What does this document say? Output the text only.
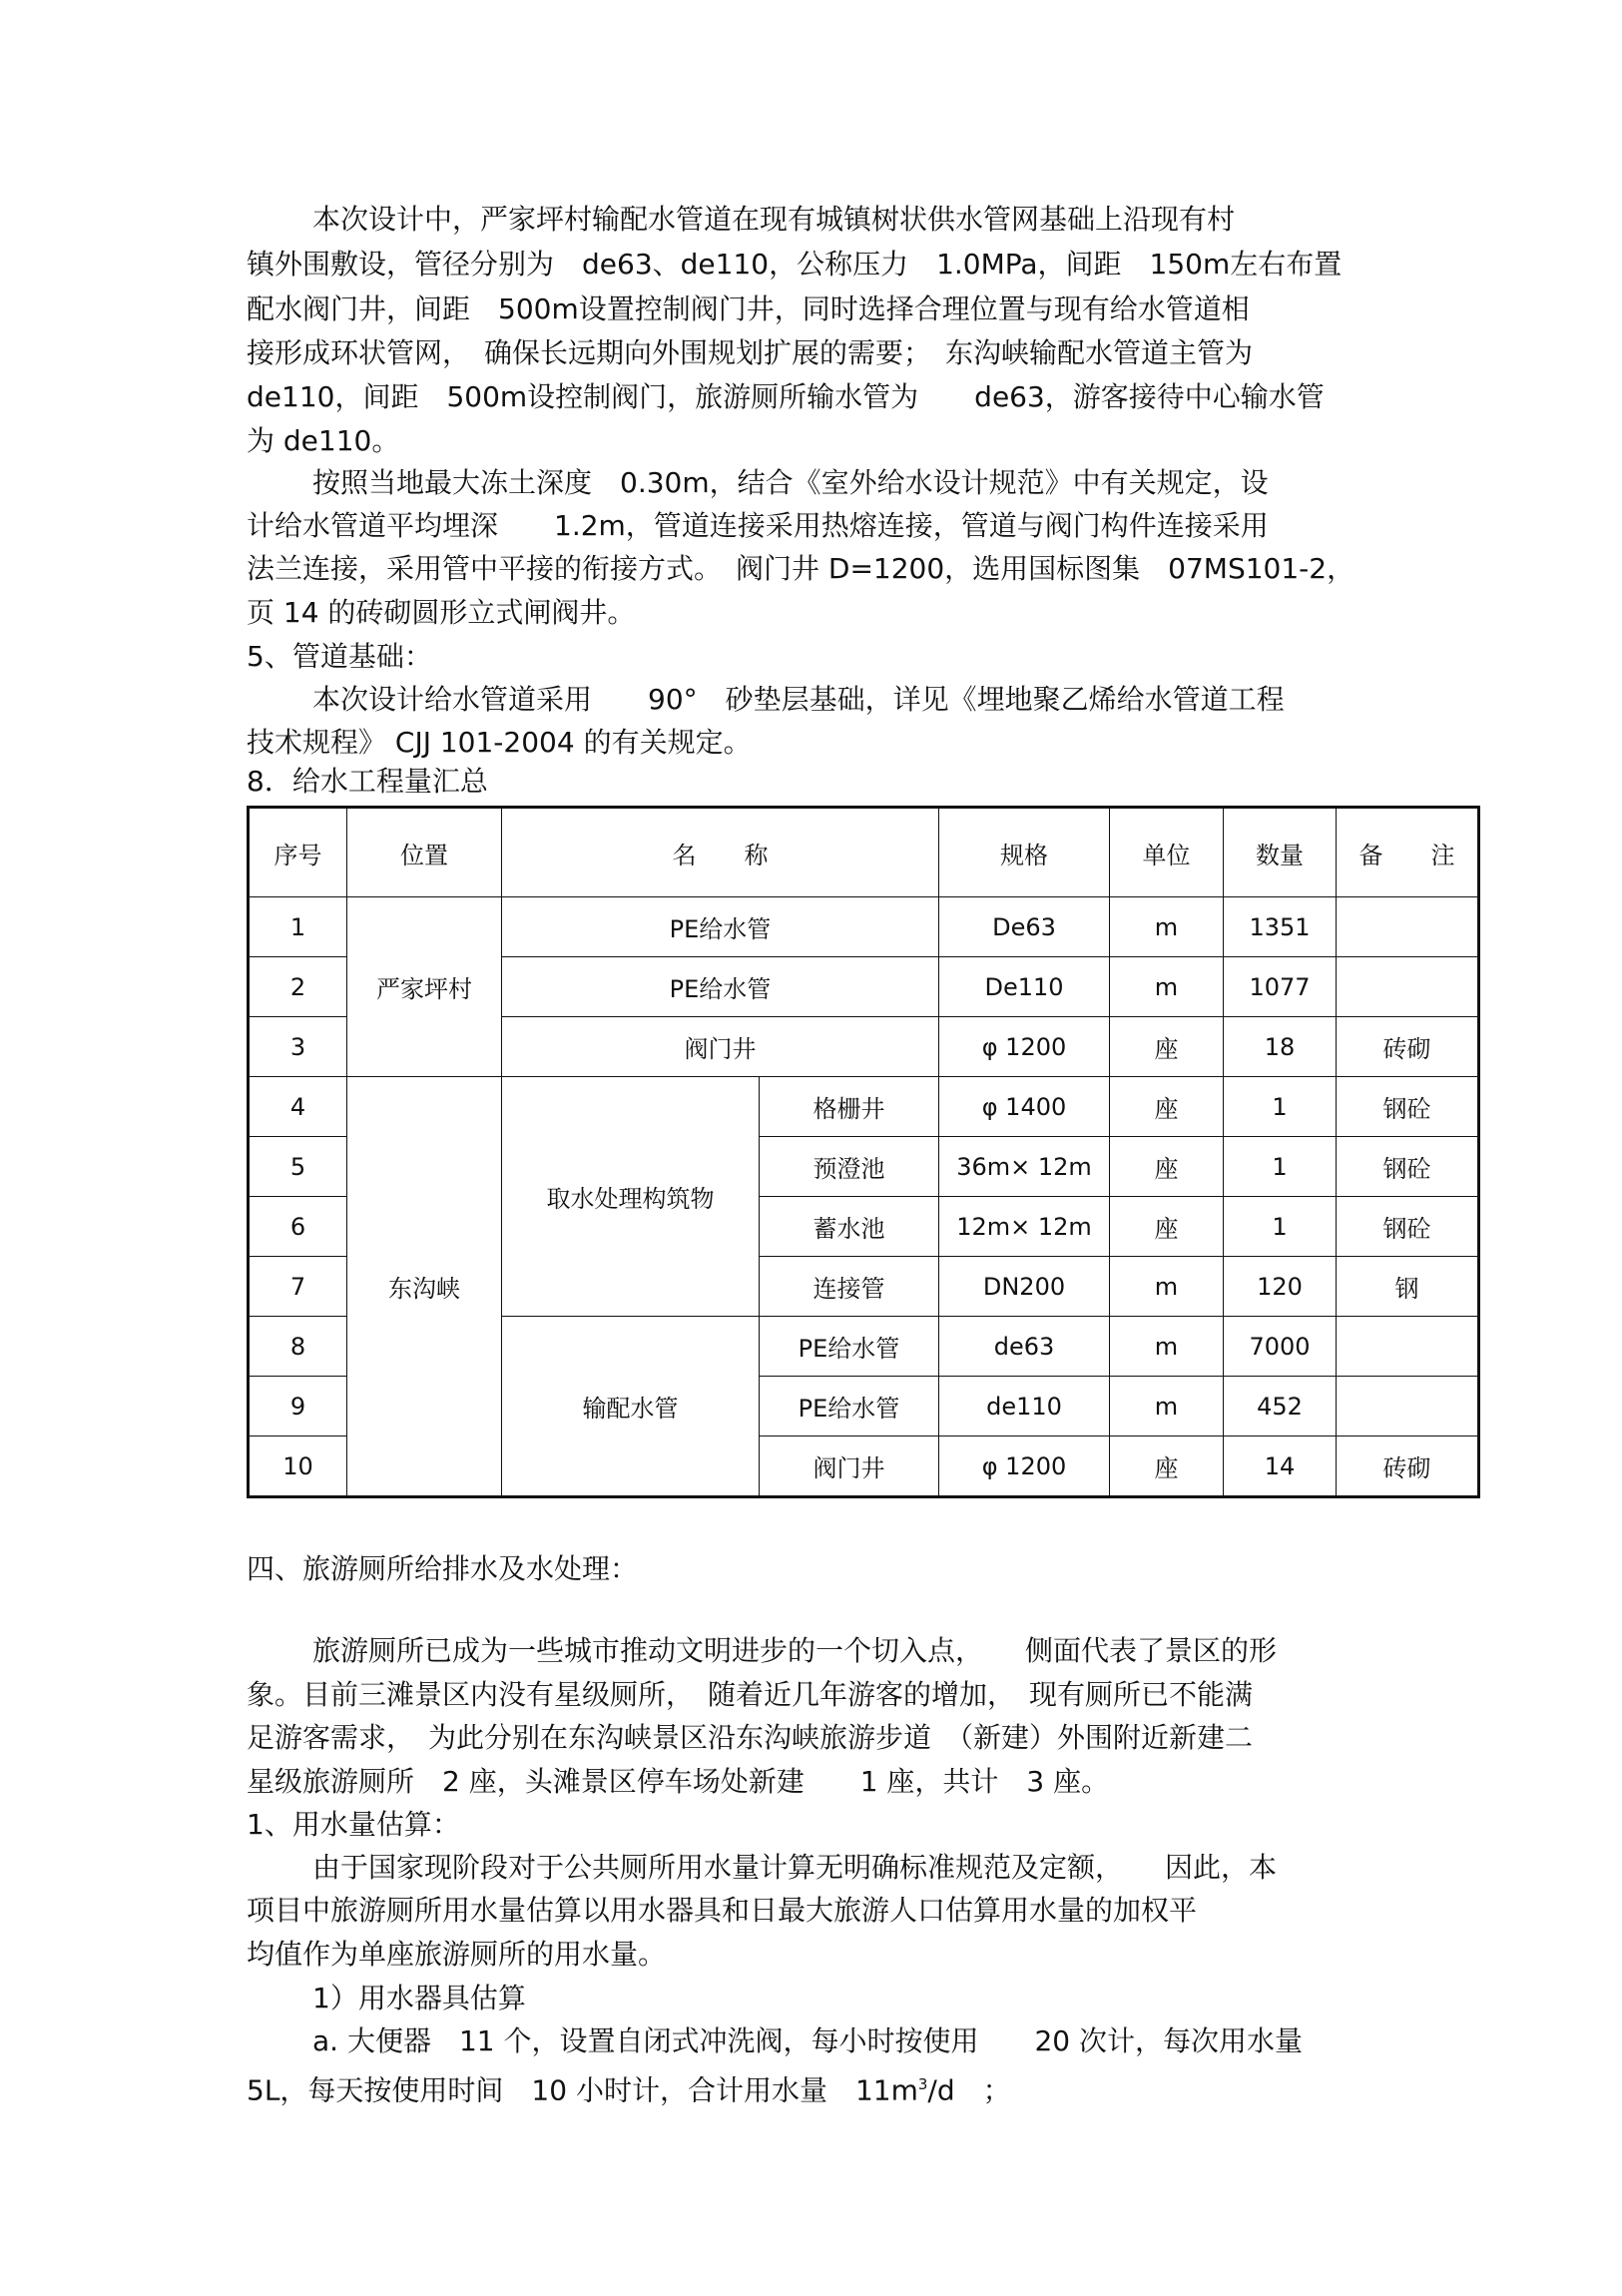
本次设计中，严家坪村输配水管道在现有城镇树状供水管网基础上沿现有村
镇外围敷设，管径分别为　de63、de110，公称压力　1.0MPa，间距　150m左右布置
配水阀门井，间距　500m设置控制阀门井，同时选择合理位置与现有给水管道相
接形成环状管网，　确保长远期向外围规划扩展的需要；　东沟峡输配水管道主管为
de110，间距　500m设控制阀门，旅游厕所输水管为　　de63，游客接待中心输水管
为 de110。
按照当地最大冻土深度　0.30m，结合《室外给水设计规范》中有关规定，设
计给水管道平均埋深　　1.2m，管道连接采用热熔连接，管道与阀门构件连接采用
法兰连接，采用管中平接的衔接方式。　阀门井 D=1200，选用国标图集　07MS101-2，
页 14 的砖砌圆形立式闸阀井。
5、管道基础：
本次设计给水管道采用　　90°　砂垫层基础，详见《埋地聚乙烯给水管道工程
技术规程》 CJJ 101-2004 的有关规定。
8．给水工程量汇总
序号	位置	名　　称		规格	单位	数量	备　　注
1	严家坪村	PE给水管		De63	m	1351	
2		PE给水管		De110	m	1077	
3		阀门井		φ 1200	座	18	砖砌
4	东沟峡	取水处理构筑物	格栅井	φ 1400	座	1	钢砼
5			预澄池	36m× 12m	座	1	钢砼
6			蓄水池	12m× 12m	座	1	钢砼
7			连接管	DN200	m	120	钢
8		输配水管	PE给水管	de63	m	7000	
9			PE给水管	de110	m	452	
10			阀门井	φ 1200	座	14	砖砌
四、旅游厕所给排水及水处理：
旅游厕所已成为一些城市推动文明进步的一个切入点，　　侧面代表了景区的形
象。目前三滩景区内没有星级厕所，　随着近几年游客的增加，　现有厕所已不能满
足游客需求，　为此分别在东沟峡景区沿东沟峡旅游步道　（新建）外围附近新建二
星级旅游厕所　2 座，头滩景区停车场处新建　　1 座，共计　3 座。
1、用水量估算：
由于国家现阶段对于公共厕所用水量计算无明确标准规范及定额，　　因此，本
项目中旅游厕所用水量估算以用水器具和日最大旅游人口估算用水量的加权平
均值作为单座旅游厕所的用水量。
1）用水器具估算
a. 大便器　11 个，设置自闭式冲洗阀，每小时按使用　　20 次计，每次用水量
5L，每天按使用时间　10 小时计，合计用水量　$11m^3/d$　；
